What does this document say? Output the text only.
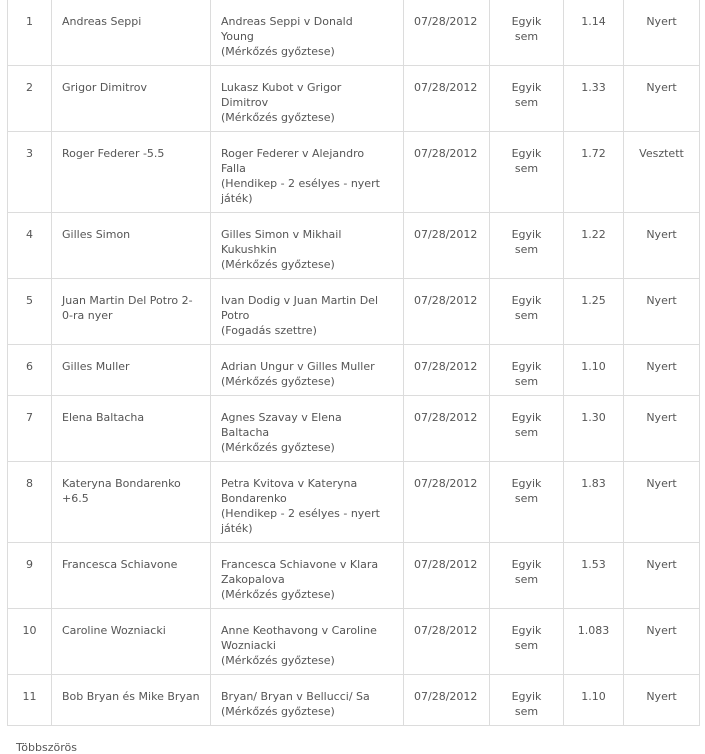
1	Andreas Seppi	Andreas Seppi v Donald
Young
(Mérkőzés győztese)	07/28/2012	Egyik
sem	1.14	Nyert
2	Grigor Dimitrov	Lukasz Kubot v Grigor
Dimitrov
(Mérkőzés győztese)	07/28/2012	Egyik
sem	1.33	Nyert
3	Roger Federer -5.5	Roger Federer v Alejandro
Falla
(Hendikep - 2 esélyes - nyert
játék)	07/28/2012	Egyik
sem	1.72	Vesztett
4	Gilles Simon	Gilles Simon v Mikhail
Kukushkin
(Mérkőzés győztese)	07/28/2012	Egyik
sem	1.22	Nyert
5	Juan Martin Del Potro 2-
0-ra nyer	Ivan Dodig v Juan Martin Del
Potro
(Fogadás szettre)	07/28/2012	Egyik
sem	1.25	Nyert
6	Gilles Muller	Adrian Ungur v Gilles Muller
(Mérkőzés győztese)	07/28/2012	Egyik
sem	1.10	Nyert
7	Elena Baltacha	Agnes Szavay v Elena
Baltacha
(Mérkőzés győztese)	07/28/2012	Egyik
sem	1.30	Nyert
8	Kateryna Bondarenko
+6.5	Petra Kvitova v Kateryna
Bondarenko
(Hendikep - 2 esélyes - nyert
játék)	07/28/2012	Egyik
sem	1.83	Nyert
9	Francesca Schiavone	Francesca Schiavone v Klara
Zakopalova
(Mérkőzés győztese)	07/28/2012	Egyik
sem	1.53	Nyert
10	Caroline Wozniacki	Anne Keothavong v Caroline
Wozniacki
(Mérkőzés győztese)	07/28/2012	Egyik
sem	1.083	Nyert
11	Bob Bryan és Mike Bryan	Bryan/ Bryan v Bellucci/ Sa
(Mérkőzés győztese)	07/28/2012	Egyik
sem	1.10	Nyert
Többszörös
